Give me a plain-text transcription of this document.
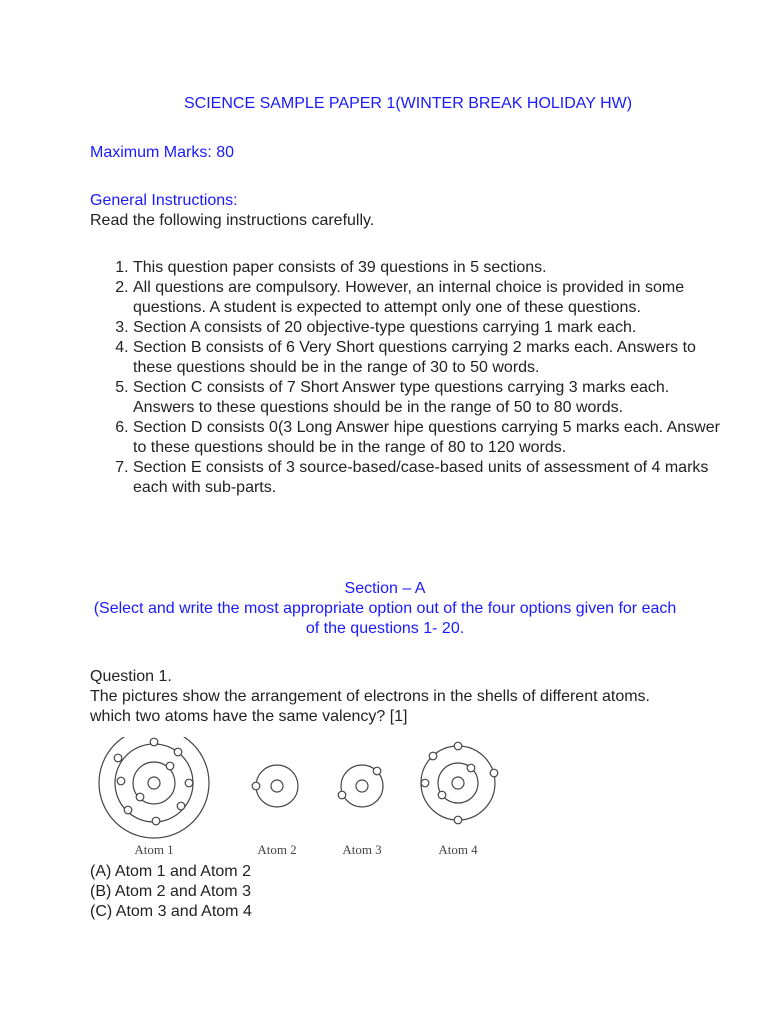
SCIENCE SAMPLE PAPER 1(WINTER BREAK HOLIDAY HW)
Maximum Marks: 80
General Instructions:
Read the following instructions carefully.
1. This question paper consists of 39 questions in 5 sections.
2. All questions are compulsory. However, an internal choice is provided in some questions. A student is expected to attempt only one of these questions.
3. Section A consists of 20 objective-type questions carrying 1 mark each.
4. Section B consists of 6 Very Short questions carrying 2 marks each. Answers to these questions should be in the range of 30 to 50 words.
5. Section C consists of 7 Short Answer type questions carrying 3 marks each. Answers to these questions should be in the range of 50 to 80 words.
6. Section D consists 0(3 Long Answer hipe questions carrying 5 marks each. Answer to these questions should be in the range of 80 to 120 words.
7. Section E consists of 3 source-based/case-based units of assessment of 4 marks each with sub-parts.
Section – A
(Select and write the most appropriate option out of the four options given for each of the questions 1- 20.
Question 1.
The pictures show the arrangement of electrons in the shells of different atoms. which two atoms have the same valency? [1]
Atom 1	Atom 2	Atom 3	Atom 4
(A) Atom 1 and Atom 2
(B) Atom 2 and Atom 3
(C) Atom 3 and Atom 4
